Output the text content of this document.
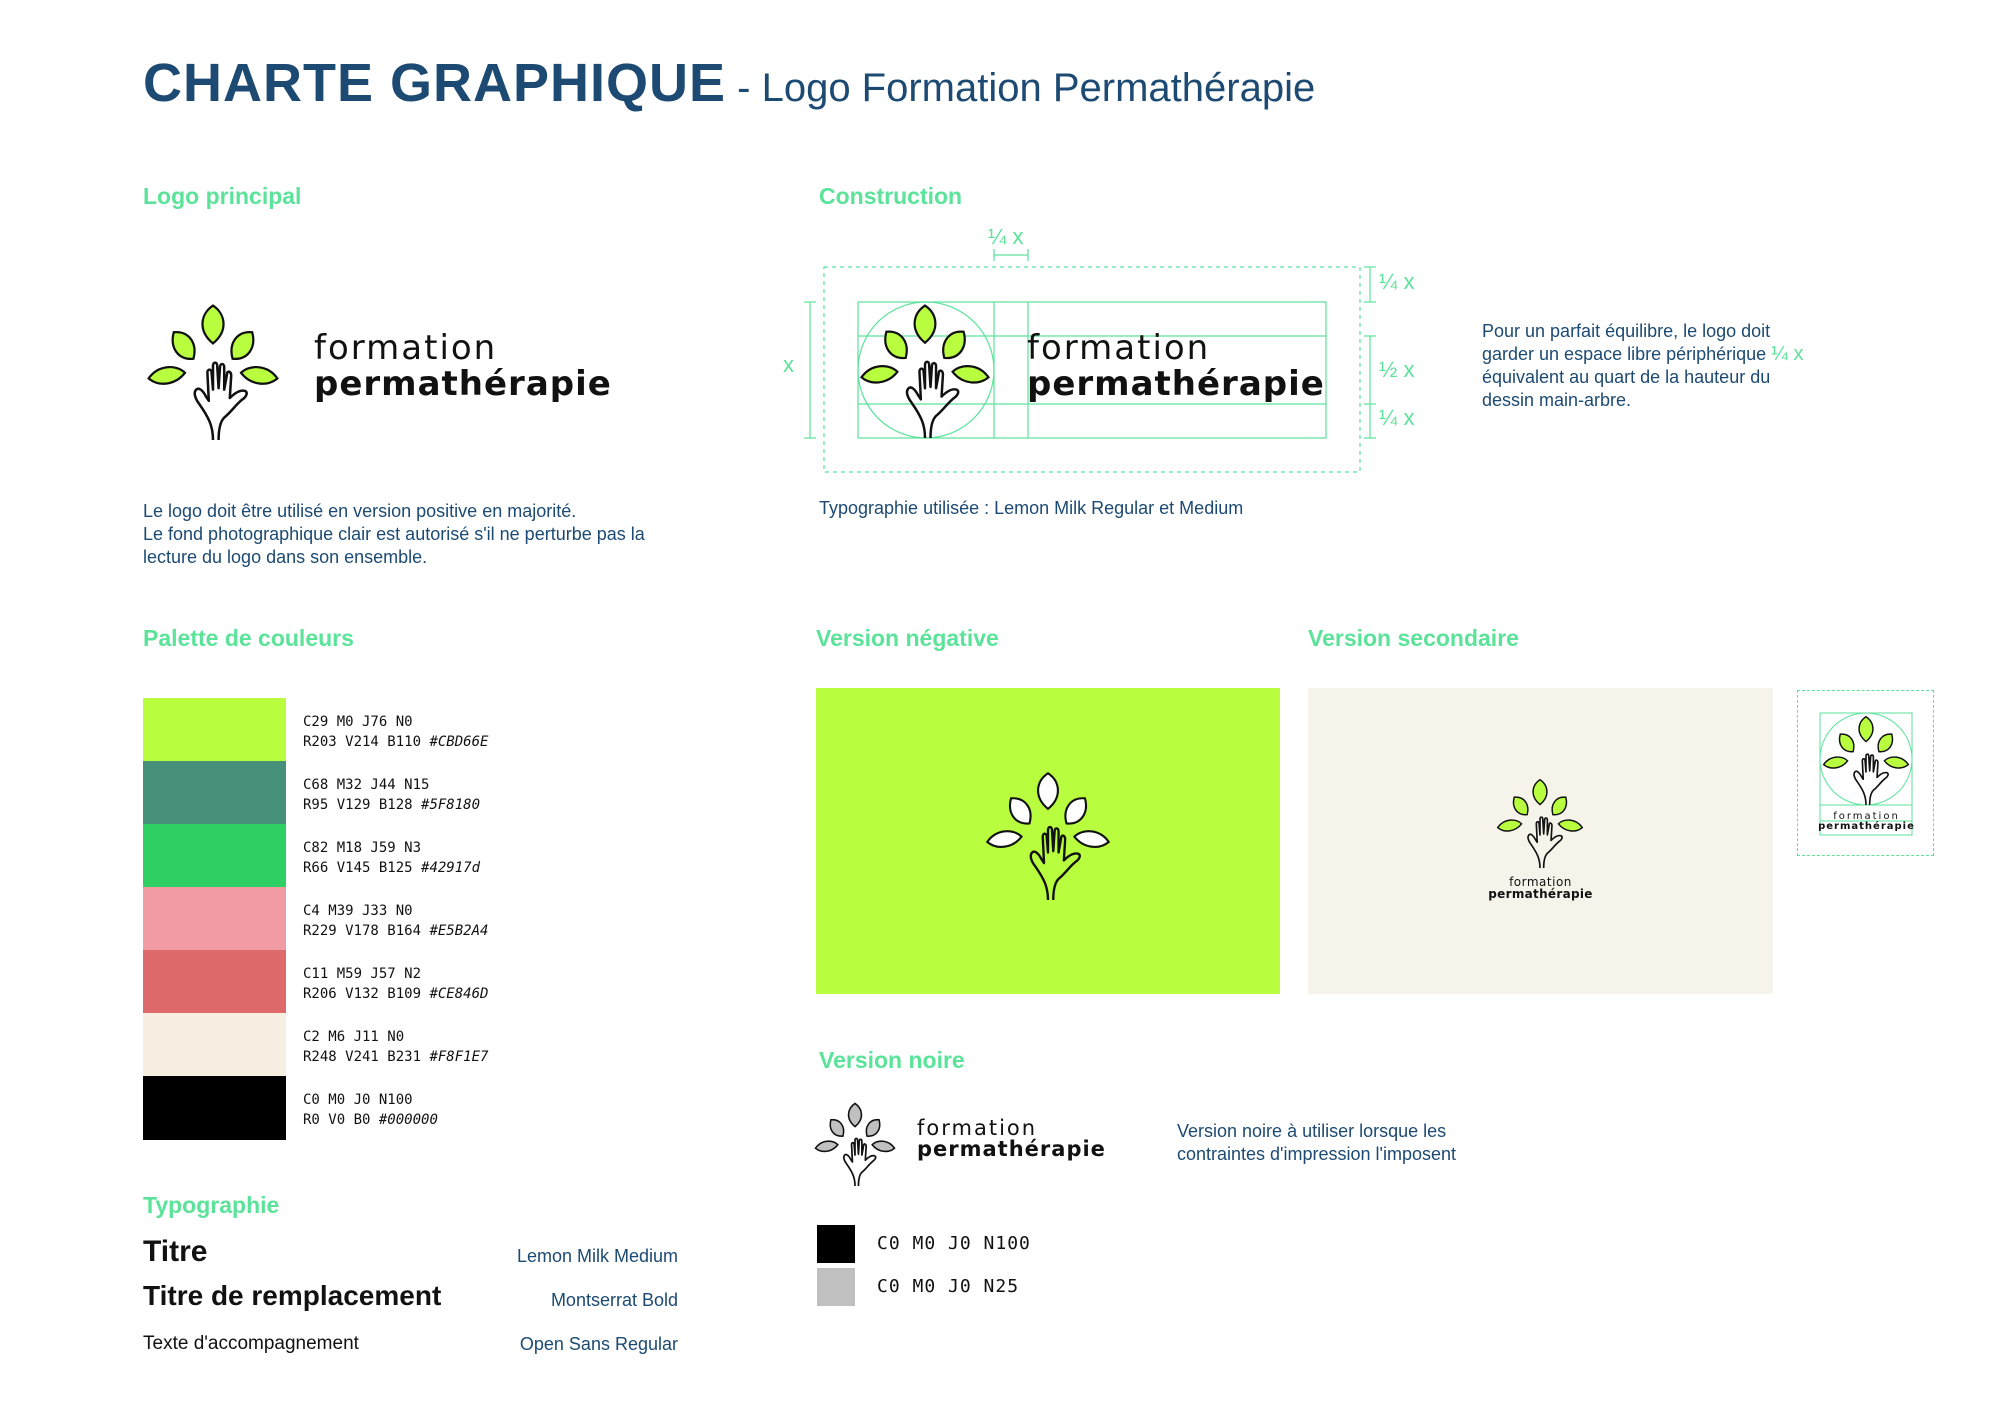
CHARTE GRAPHIQUE - Logo Formation Permathérapie
Logo principal
formation
permathérapie

Le logo doit être utilisé en version positive en majorité.

Le fond photographique clair est autorisé s'il ne perturbe pas la

lecture du logo dans son ensemble.

Construction
formation
permathérapie
¼ x
x
¼ x
½ x
¼ x
Typographie utilisée : Lemon Milk Regular et Medium

Pour un parfait équilibre, le logo doit

garder un espace libre périphérique ¼ x

équivalent au quart de la hauteur du

dessin main-arbre.

Palette de couleurs
C29 M0 J76 N0
R203 V214 B110 #CBD66E
C68 M32 J44 N15
R95 V129 B128 #5F8180
C82 M18 J59 N3
R66 V145 B125 #42917d
C4 M39 J33 N0
R229 V178 B164 #E5B2A4
C11 M59 J57 N2
R206 V132 B109 #CE846D
C2 M6 J11 N0
R248 V241 B231 #F8F1E7
C0 M0 J0 N100
R0 V0 B0 #000000
Typographie
Titre	Lemon Milk Medium
Titre de remplacement	Montserrat Bold
Texte d'accompagnement	Open Sans Regular
Version négative	Version secondaire
formation
permathérapie
formation
permathérapie
Version noire
formation
permathérapie

Version noire à utiliser lorsque les

contraintes d'impression l'imposent

C0 M0 J0 N100
C0 M0 J0 N25
